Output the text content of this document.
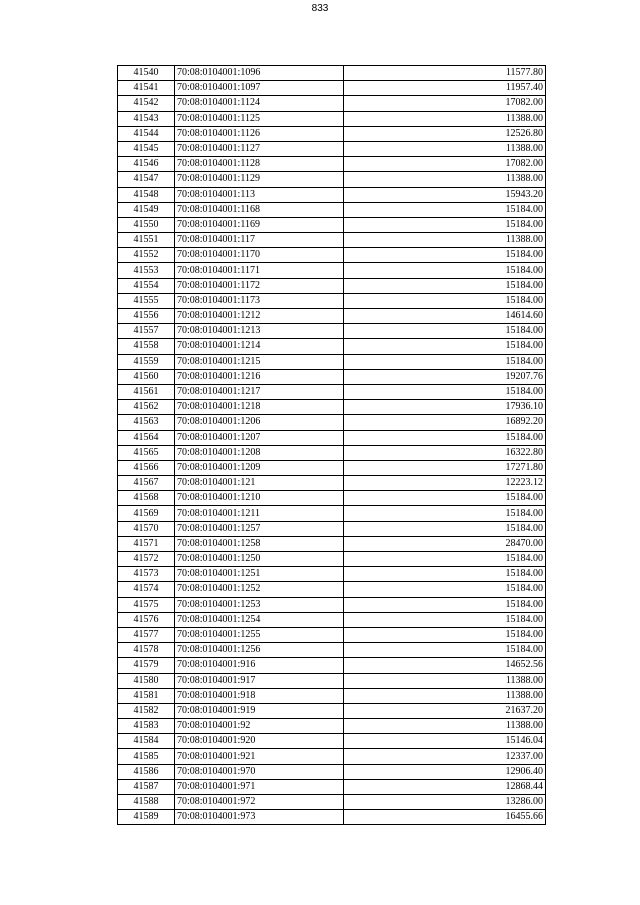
833
41540	70:08:0104001:1096	11577.80
41541	70:08:0104001:1097	11957.40
41542	70:08:0104001:1124	17082.00
41543	70:08:0104001:1125	11388.00
41544	70:08:0104001:1126	12526.80
41545	70:08:0104001:1127	11388.00
41546	70:08:0104001:1128	17082.00
41547	70:08:0104001:1129	11388.00
41548	70:08:0104001:113	15943.20
41549	70:08:0104001:1168	15184.00
41550	70:08:0104001:1169	15184.00
41551	70:08:0104001:117	11388.00
41552	70:08:0104001:1170	15184.00
41553	70:08:0104001:1171	15184.00
41554	70:08:0104001:1172	15184.00
41555	70:08:0104001:1173	15184.00
41556	70:08:0104001:1212	14614.60
41557	70:08:0104001:1213	15184.00
41558	70:08:0104001:1214	15184.00
41559	70:08:0104001:1215	15184.00
41560	70:08:0104001:1216	19207.76
41561	70:08:0104001:1217	15184.00
41562	70:08:0104001:1218	17936.10
41563	70:08:0104001:1206	16892.20
41564	70:08:0104001:1207	15184.00
41565	70:08:0104001:1208	16322.80
41566	70:08:0104001:1209	17271.80
41567	70:08:0104001:121	12223.12
41568	70:08:0104001:1210	15184.00
41569	70:08:0104001:1211	15184.00
41570	70:08:0104001:1257	15184.00
41571	70:08:0104001:1258	28470.00
41572	70:08:0104001:1250	15184.00
41573	70:08:0104001:1251	15184.00
41574	70:08:0104001:1252	15184.00
41575	70:08:0104001:1253	15184.00
41576	70:08:0104001:1254	15184.00
41577	70:08:0104001:1255	15184.00
41578	70:08:0104001:1256	15184.00
41579	70:08:0104001:916	14652.56
41580	70:08:0104001:917	11388.00
41581	70:08:0104001:918	11388.00
41582	70:08:0104001:919	21637.20
41583	70:08:0104001:92	11388.00
41584	70:08:0104001:920	15146.04
41585	70:08:0104001:921	12337.00
41586	70:08:0104001:970	12906.40
41587	70:08:0104001:971	12868.44
41588	70:08:0104001:972	13286.00
41589	70:08:0104001:973	16455.66
